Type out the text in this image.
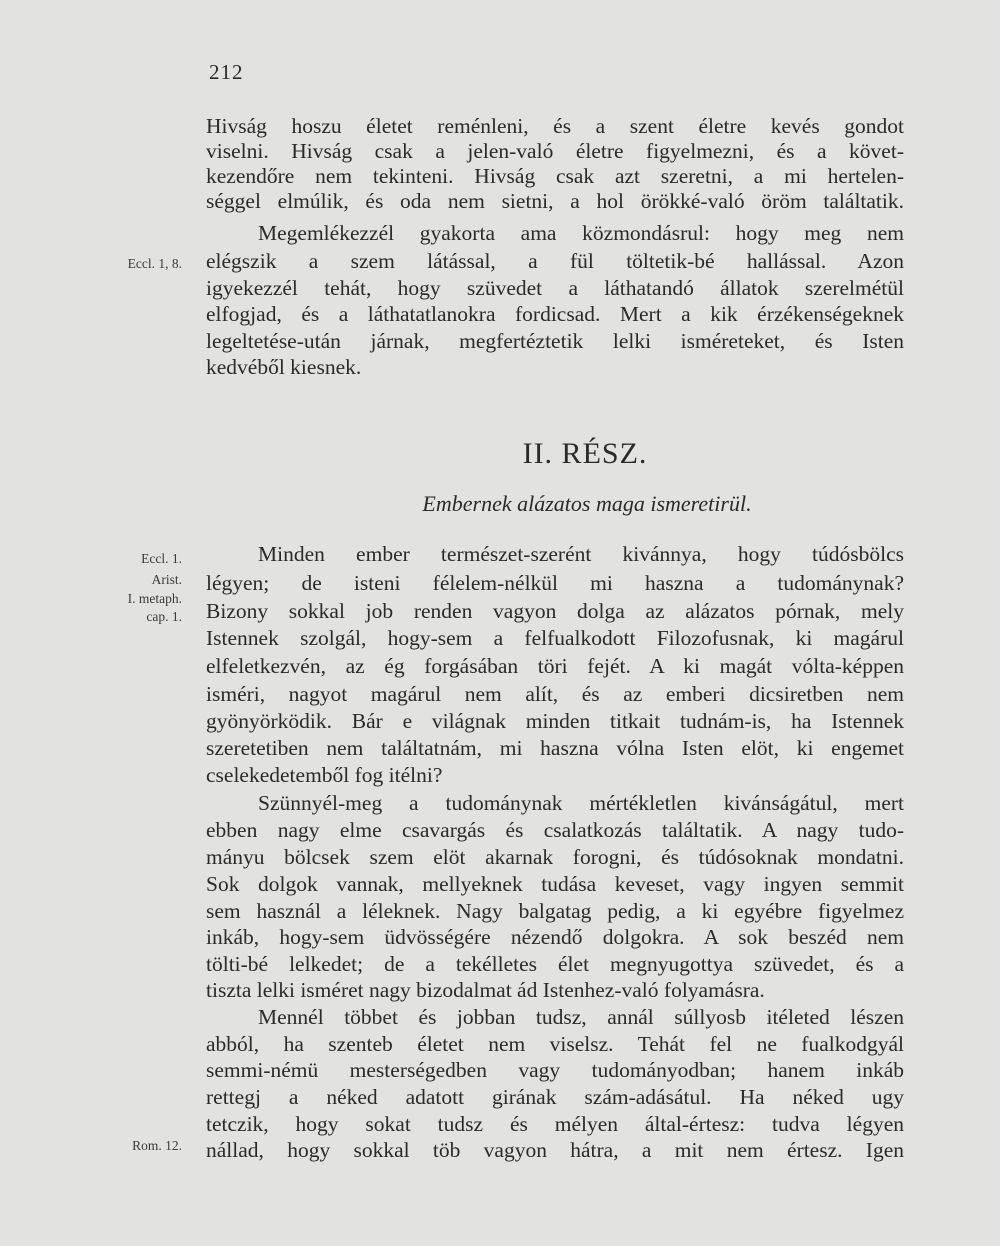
212
Eccl. 1, 8.
Eccl. 1.
Arist.
I. metaph.
cap. 1.
Rom. 12.
Hivság hoszu életet reménleni, és a szent életre kevés gondot
viselni. Hivság csak a jelen-való életre figyelmezni, és a követ-
kezendőre nem tekinteni. Hivság csak azt szeretni, a mi hertelen-
séggel elmúlik, és oda nem sietni, a hol örökké-való öröm találtatik.
Megemlékezzél gyakorta ama közmondásrul: hogy meg nem
elégszik a szem látással, a fül töltetik-bé hallással. Azon
igyekezzél tehát, hogy szüvedet a láthatandó állatok szerelmétül
elfogjad, és a láthatatlanokra fordicsad. Mert a kik érzékenségeknek
legeltetése-után járnak, megfertéztetik lelki isméreteket, és Isten
kedvéből kiesnek.
II. RÉSZ.
Embernek alázatos maga ismeretirül.
Minden ember természet-szerént kivánnya, hogy túdósbölcs
légyen; de isteni félelem-nélkül mi haszna a tudománynak?
Bizony sokkal job renden vagyon dolga az alázatos pórnak, mely
Istennek szolgál, hogy-sem a felfualkodott Filozofusnak, ki magárul
elfeletkezvén, az ég forgásában töri fejét. A ki magát vólta-képpen
isméri, nagyot magárul nem alít, és az emberi dicsiretben nem
gyönyörködik. Bár e világnak minden titkait tudnám-is, ha Istennek
szeretetiben nem találtatnám, mi haszna vólna Isten elöt, ki engemet
cselekedetemből fog itélni?
Szünnyél-meg a tudománynak mértékletlen kivánságátul, mert
ebben nagy elme csavargás és csalatkozás találtatik. A nagy tudo-
mányu bölcsek szem elöt akarnak forogni, és túdósoknak mondatni.
Sok dolgok vannak, mellyeknek tudása keveset, vagy ingyen semmit
sem használ a léleknek. Nagy balgatag pedig, a ki egyébre figyelmez
inkáb, hogy-sem üdvösségére nézendő dolgokra. A sok beszéd nem
tölti-bé lelkedet; de a tekélletes élet megnyugottya szüvedet, és a
tiszta lelki isméret nagy bizodalmat ád Istenhez-való folyamásra.
Mennél többet és jobban tudsz, annál súllyosb itéleted lészen
abból, ha szenteb életet nem viselsz. Tehát fel ne fualkodgyál
semmi-némü mesterségedben vagy tudományodban; hanem inkáb
rettegj a néked adatott girának szám-adásátul. Ha néked ugy
tetczik, hogy sokat tudsz és mélyen által-értesz: tudva légyen
nállad, hogy sokkal töb vagyon hátra, a mit nem értesz. Igen
